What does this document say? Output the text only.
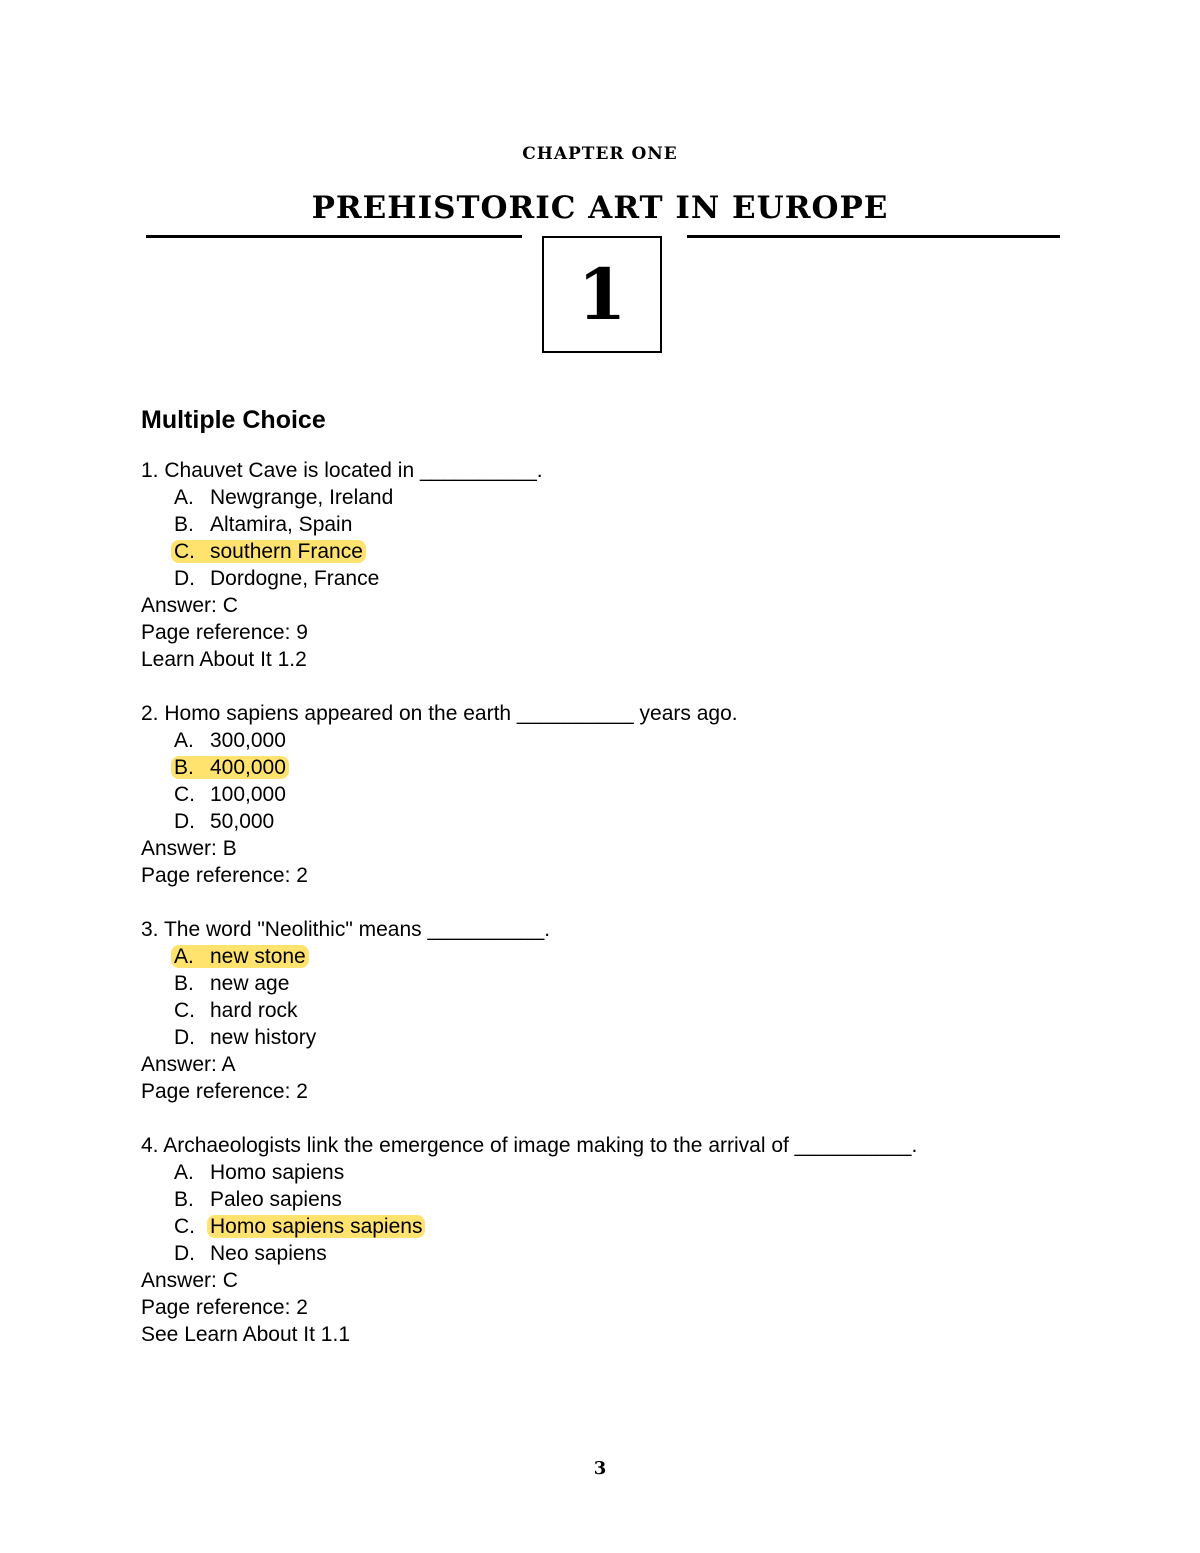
CHAPTER ONE
PREHISTORIC ART IN EUROPE
1
Multiple Choice
1. Chauvet Cave is located in __________.
A. Newgrange, Ireland
B. Altamira, Spain
C. southern France
D. Dordogne, France
Answer: C
Page reference: 9
Learn About It 1.2
2. Homo sapiens appeared on the earth __________ years ago.
A. 300,000
B. 400,000
C. 100,000
D. 50,000
Answer: B
Page reference: 2
3. The word "Neolithic" means __________.
A. new stone
B. new age
C. hard rock
D. new history
Answer: A
Page reference: 2
4. Archaeologists link the emergence of image making to the arrival of __________.
A. Homo sapiens
B. Paleo sapiens
C. Homo sapiens sapiens
D. Neo sapiens
Answer: C
Page reference: 2
See Learn About It 1.1
3
